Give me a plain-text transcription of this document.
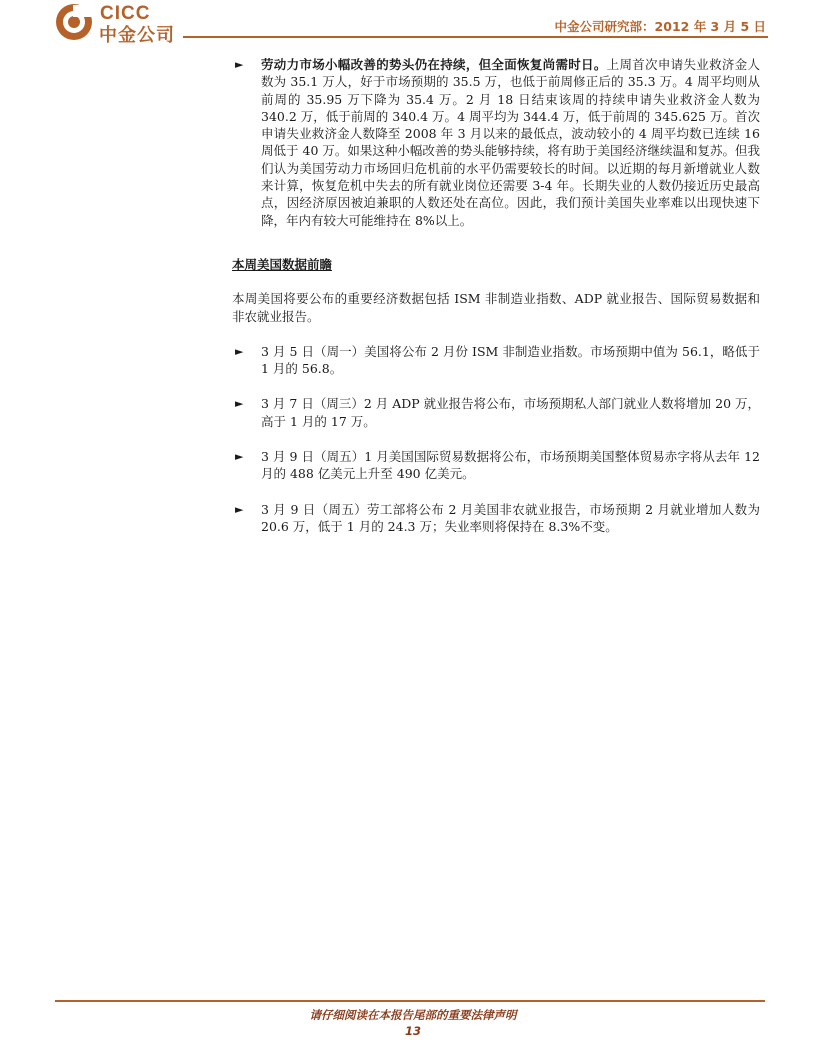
CICC
中金公司	中金公司研究部：2012 年 3 月 5 日
► 劳动力市场小幅改善的势头仍在持续，但全面恢复尚需时日。上周首次申请失业救济金人数为 35.1 万人，好于市场预期的 35.5 万，也低于前周修正后的 35.3 万。4 周平均则从前周的 35.95 万下降为 35.4 万。2 月 18 日结束该周的持续申请失业救济金人数为 340.2 万，低于前周的 340.4 万。4 周平均为 344.4 万，低于前周的 345.625 万。首次申请失业救济金人数降至 2008 年 3 月以来的最低点，波动较小的 4 周平均数已连续 16 周低于 40 万。如果这种小幅改善的势头能够持续，将有助于美国经济继续温和复苏。但我们认为美国劳动力市场回归危机前的水平仍需要较长的时间。以近期的每月新增就业人数来计算，恢复危机中失去的所有就业岗位还需要 3-4 年。长期失业的人数仍接近历史最高点，因经济原因被迫兼职的人数还处在高位。因此，我们预计美国失业率难以出现快速下降，年内有较大可能维持在 8%以上。
本周美国数据前瞻
本周美国将要公布的重要经济数据包括 ISM 非制造业指数、ADP 就业报告、国际贸易数据和非农就业报告。
► 3 月 5 日（周一）美国将公布 2 月份 ISM 非制造业指数。市场预期中值为 56.1，略低于 1 月的 56.8。
► 3 月 7 日（周三）2 月 ADP 就业报告将公布，市场预期私人部门就业人数将增加 20 万，高于 1 月的 17 万。
► 3 月 9 日（周五）1 月美国国际贸易数据将公布，市场预期美国整体贸易赤字将从去年 12 月的 488 亿美元上升至 490 亿美元。
► 3 月 9 日（周五）劳工部将公布 2 月美国非农就业报告，市场预期 2 月就业增加人数为 20.6 万，低于 1 月的 24.3 万；失业率则将保持在 8.3%不变。
请仔细阅读在本报告尾部的重要法律声明
13
